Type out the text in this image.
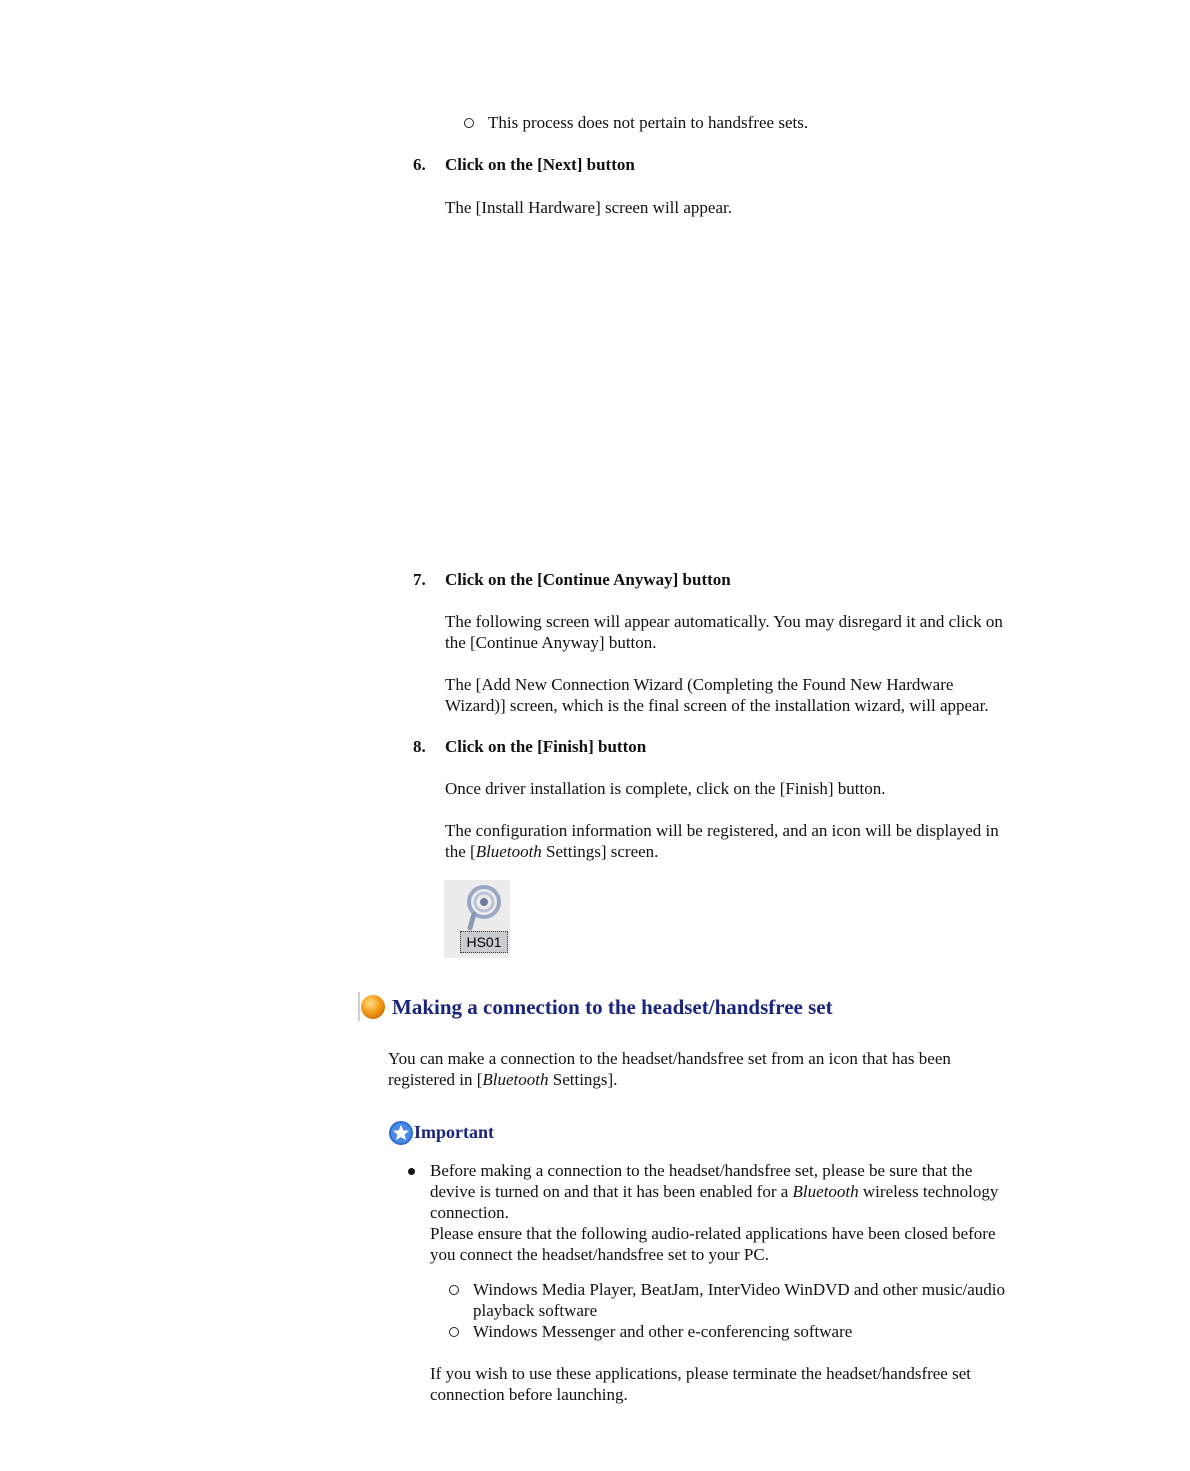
This process does not pertain to handsfree sets.

6. Click on the [Next] button

The [Install Hardware] screen will appear.

7. Click on the [Continue Anyway] button

The following screen will appear automatically. You may disregard it and click on

the [Continue Anyway] button.

The [Add New Connection Wizard (Completing the Found New Hardware

Wizard)] screen, which is the final screen of the installation wizard, will appear.

8. Click on the [Finish] button

Once driver installation is complete, click on the [Finish] button.

The configuration information will be registered, and an icon will be displayed in

the [Bluetooth Settings] screen.

HS01
Making a connection to the headset/handsfree set

You can make a connection to the headset/handsfree set from an icon that has been

registered in [Bluetooth Settings].

Important

Before making a connection to the headset/handsfree set, please be sure that the

devive is turned on and that it has been enabled for a Bluetooth wireless technology

connection.

Please ensure that the following audio-related applications have been closed before

you connect the headset/handsfree set to your PC.

Windows Media Player, BeatJam, InterVideo WinDVD and other music/audio

playback software

Windows Messenger and other e-conferencing software

If you wish to use these applications, please terminate the headset/handsfree set

connection before launching.
